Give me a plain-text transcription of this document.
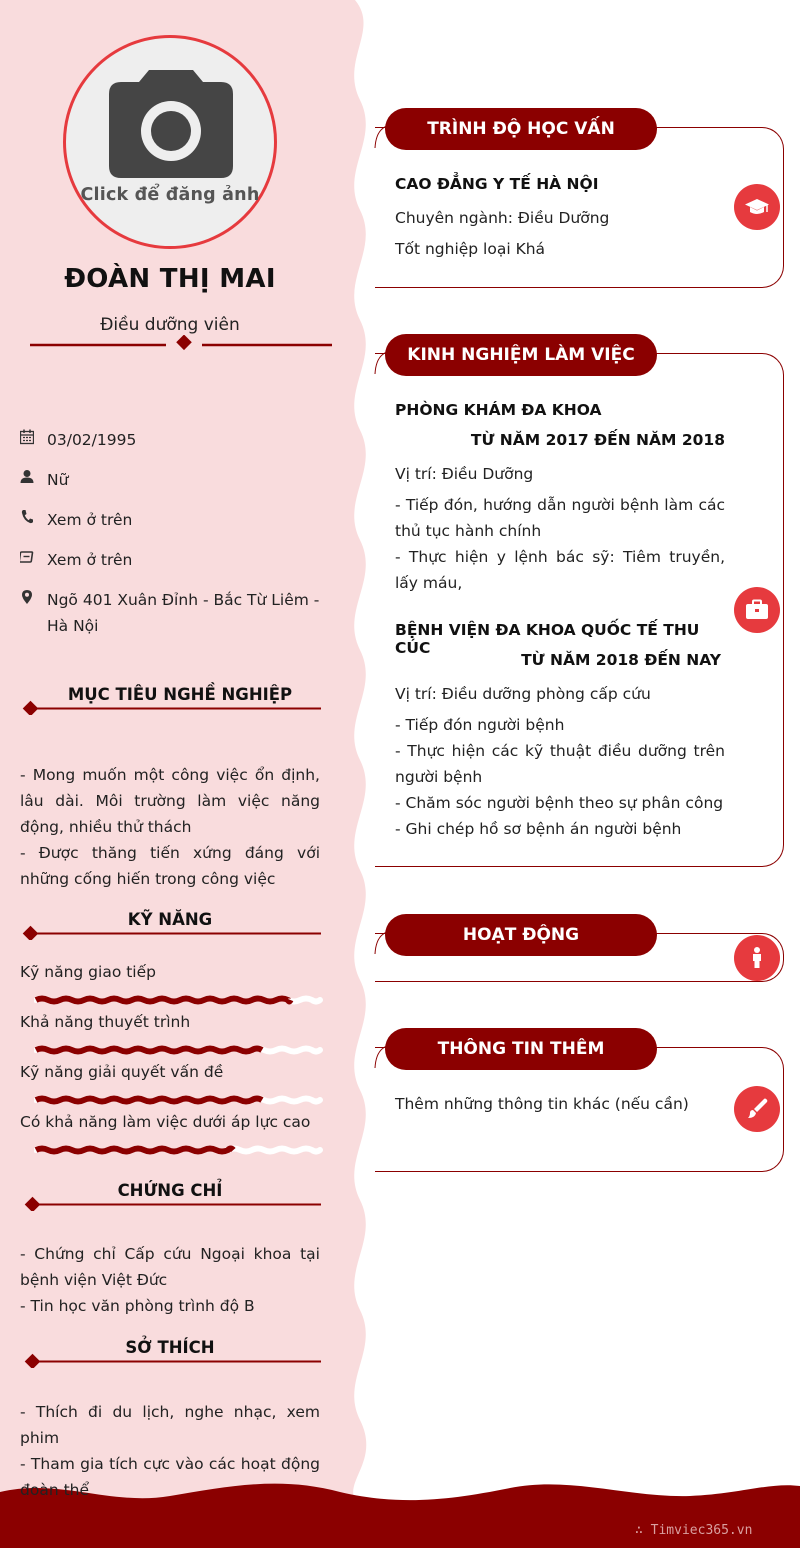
Click để đăng ảnh
ĐOÀN THỊ MAI
Điều dưỡng viên
03/02/1995
Nữ
Xem ở trên
Xem ở trên
Ngõ 401 Xuân Đỉnh - Bắc Từ Liêm - Hà Nội
MỤC TIÊU NGHỀ NGHIỆP

- Mong muốn một công việc ổn định, lâu dài. Môi trường làm việc năng động, nhiều thử thách

- Được thăng tiến xứng đáng với những cống hiến trong công việc

KỸ NĂNG
Kỹ năng giao tiếp
Khả năng thuyết trình
Kỹ năng giải quyết vấn đề
Có khả năng làm việc dưới áp lực cao
CHỨNG CHỈ

- Chứng chỉ Cấp cứu Ngoại khoa tại bệnh viện Việt Đức

- Tin học văn phòng trình độ B

SỞ THÍCH

- Thích đi du lịch, nghe nhạc, xem phim

- Tham gia tích cực vào các hoạt động đoàn thể

TRÌNH ĐỘ HỌC VẤN
CAO ĐẲNG Y TẾ HÀ NỘI
Chuyên ngành: Điều Dưỡng
Tốt nghiệp loại Khá
KINH NGHIỆM LÀM VIỆC
PHÒNG KHÁM ĐA KHOA
TỪ NĂM 2017 ĐẾN NĂM 2018
Vị trí: Điều Dưỡng
- Tiếp đón, hướng dẫn người bệnh làm các thủ tục hành chính
- Thực hiện y lệnh bác sỹ: Tiêm truyền, lấy máu,
BỆNH VIỆN ĐA KHOA QUỐC TẾ THU CÚC
TỪ NĂM 2018 ĐẾN NAY
Vị trí: Điều dưỡng phòng cấp cứu
- Tiếp đón người bệnh
- Thực hiện các kỹ thuật điều dưỡng trên người bệnh
- Chăm sóc người bệnh theo sự phân công
- Ghi chép hồ sơ bệnh án người bệnh
HOẠT ĐỘNG
THÔNG TIN THÊM
Thêm những thông tin khác (nếu cần)
∴ Timviec365.vn
